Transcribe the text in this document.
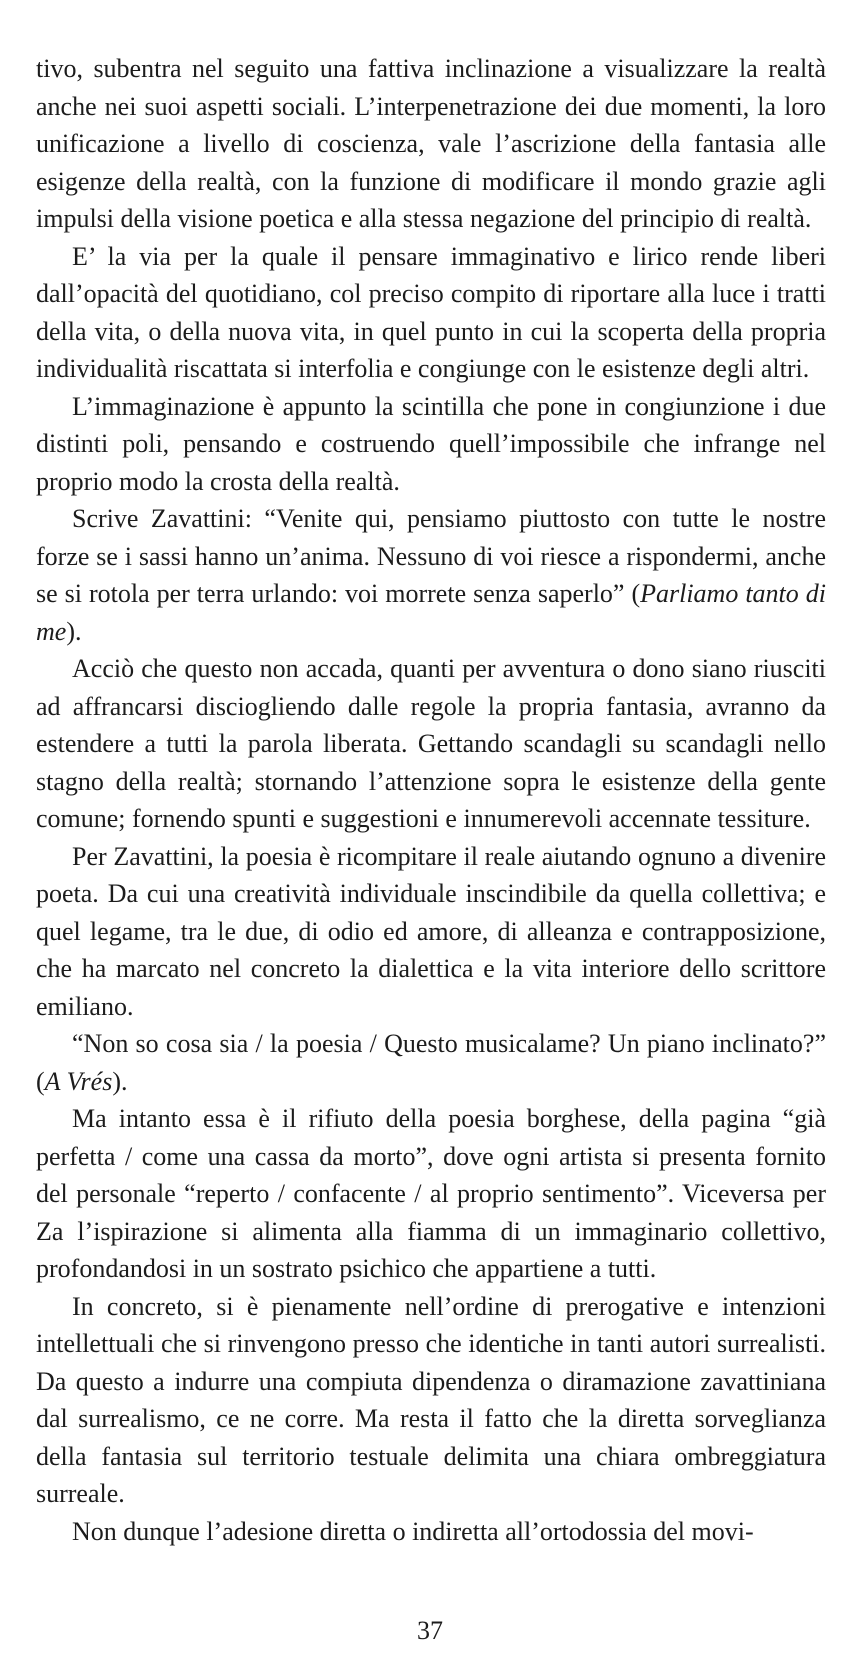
tivo, subentra nel seguito una fattiva inclinazione a visualizzare la realtà anche nei suoi aspetti sociali. L’interpenetrazione dei due momenti, la loro unificazione a livello di coscienza, vale l’ascrizione della fantasia alle esigenze della realtà, con la funzione di modificare il mondo grazie agli impulsi della visione poetica e alla stessa negazione del principio di realtà.

E’ la via per la quale il pensare immaginativo e lirico rende liberi dall’opacità del quotidiano, col preciso compito di riportare alla luce i tratti della vita, o della nuova vita, in quel punto in cui la scoperta della propria individualità riscattata si interfolia e congiunge con le esistenze degli altri.

L’immaginazione è appunto la scintilla che pone in congiunzione i due distinti poli, pensando e costruendo quell’impossibile che infrange nel proprio modo la crosta della realtà.

Scrive Zavattini: “Venite qui, pensiamo piuttosto con tutte le nostre forze se i sassi hanno un’anima. Nessuno di voi riesce a rispondermi, anche se si rotola per terra urlando: voi morrete senza saperlo” (Parliamo tanto di me).

Acciò che questo non accada, quanti per avventura o dono siano riusciti ad affrancarsi disciogliendo dalle regole la propria fantasia, avranno da estendere a tutti la parola liberata. Gettando scandagli su scandagli nello stagno della realtà; stornando l’attenzione sopra le esistenze della gente comune; fornendo spunti e suggestioni e innumerevoli accennate tessiture.

Per Zavattini, la poesia è ricompitare il reale aiutando ognuno a divenire poeta. Da cui una creatività individuale inscindibile da quella collettiva; e quel legame, tra le due, di odio ed amore, di alleanza e contrapposizione, che ha marcato nel concreto la dialettica e la vita interiore dello scrittore emiliano.

“Non so cosa sia / la poesia / Questo musicalame? Un piano inclinato?” (A Vrés).

Ma intanto essa è il rifiuto della poesia borghese, della pagina “già perfetta / come una cassa da morto”, dove ogni artista si presenta fornito del personale “reperto / confacente / al proprio sentimento”. Viceversa per Za l’ispirazione si alimenta alla fiamma di un immaginario collettivo, profondandosi in un sostrato psichico che appartiene a tutti.

In concreto, si è pienamente nell’ordine di prerogative e intenzioni intellettuali che si rinvengono presso che identiche in tanti autori surrealisti. Da questo a indurre una compiuta dipendenza o diramazione zavattiniana dal surrealismo, ce ne corre. Ma resta il fatto che la diretta sorveglianza della fantasia sul territorio testuale delimita una chiara ombreggiatura surreale.

Non dunque l’adesione diretta o indiretta all’ortodossia del movi-

37
